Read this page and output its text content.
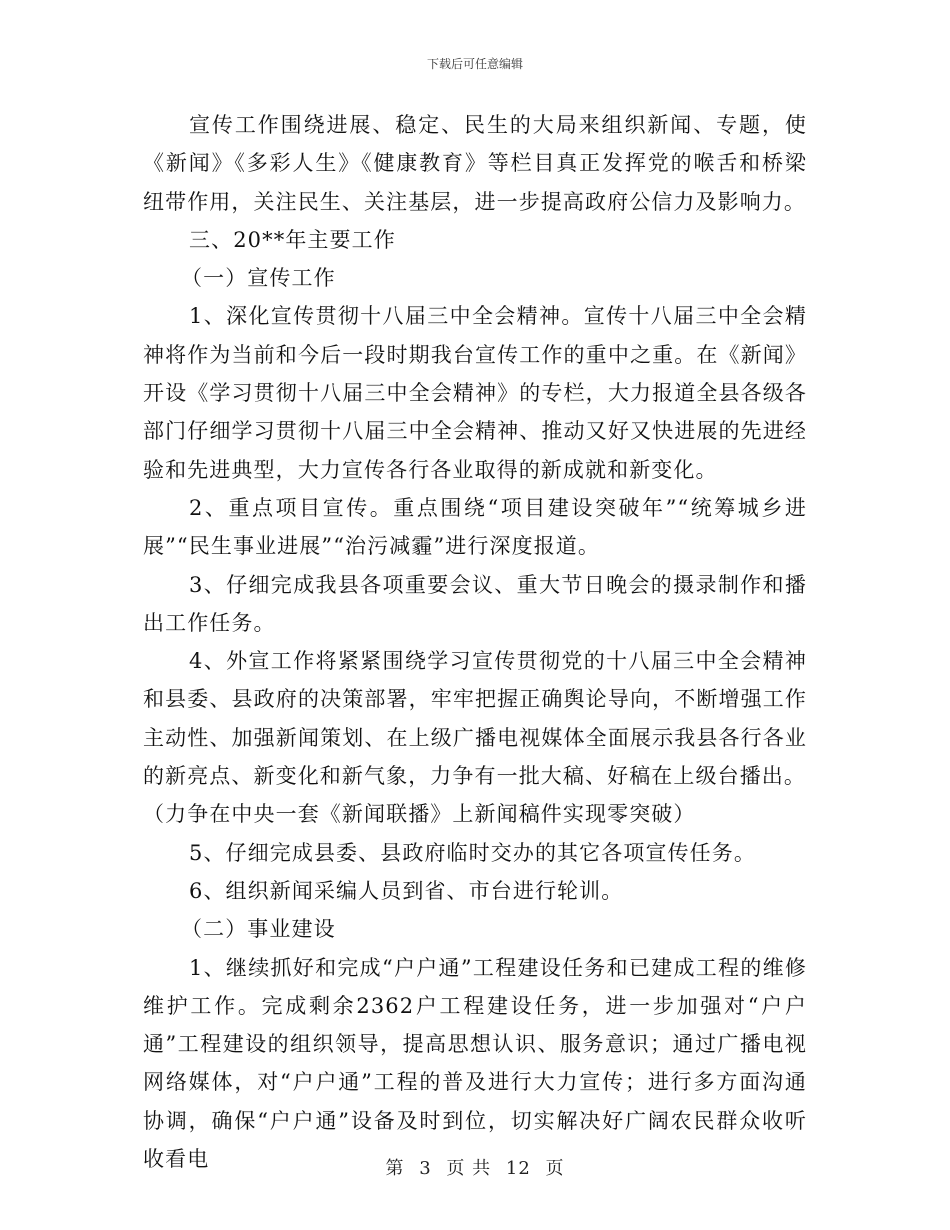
下载后可任意编辑

宣传工作围绕进展、稳定、民生的大局来组织新闻、专题，使《新闻》《多彩人生》《健康教育》等栏目真正发挥党的喉舌和桥梁纽带作用，关注民生、关注基层，进一步提高政府公信力及影响力。

三、20**年主要工作

（一）宣传工作

1、深化宣传贯彻十八届三中全会精神。宣传十八届三中全会精神将作为当前和今后一段时期我台宣传工作的重中之重。在《新闻》开设《学习贯彻十八届三中全会精神》的专栏，大力报道全县各级各部门仔细学习贯彻十八届三中全会精神、推动又好又快进展的先进经验和先进典型，大力宣传各行各业取得的新成就和新变化。

2、重点项目宣传。重点围绕“项目建设突破年”“统筹城乡进展”“民生事业进展”“治污减霾”进行深度报道。

3、仔细完成我县各项重要会议、重大节日晚会的摄录制作和播出工作任务。

4、外宣工作将紧紧围绕学习宣传贯彻党的十八届三中全会精神和县委、县政府的决策部署，牢牢把握正确舆论导向，不断增强工作主动性、加强新闻策划、在上级广播电视媒体全面展示我县各行各业的新亮点、新变化和新气象，力争有一批大稿、好稿在上级台播出。

（力争在中央一套《新闻联播》上新闻稿件实现零突破）

5、仔细完成县委、县政府临时交办的其它各项宣传任务。

6、组织新闻采编人员到省、市台进行轮训。

（二）事业建设

1、继续抓好和完成“户户通”工程建设任务和已建成工程的维修维护工作。完成剩余2362户工程建设任务，进一步加强对“户户通”工程建设的组织领导，提高思想认识、服务意识；通过广播电视网络媒体，对“户户通”工程的普及进行大力宣传；进行多方面沟通协调，确保“户户通”设备及时到位，切实解决好广阔农民群众收听收看电	第 3 页 共 12 页
